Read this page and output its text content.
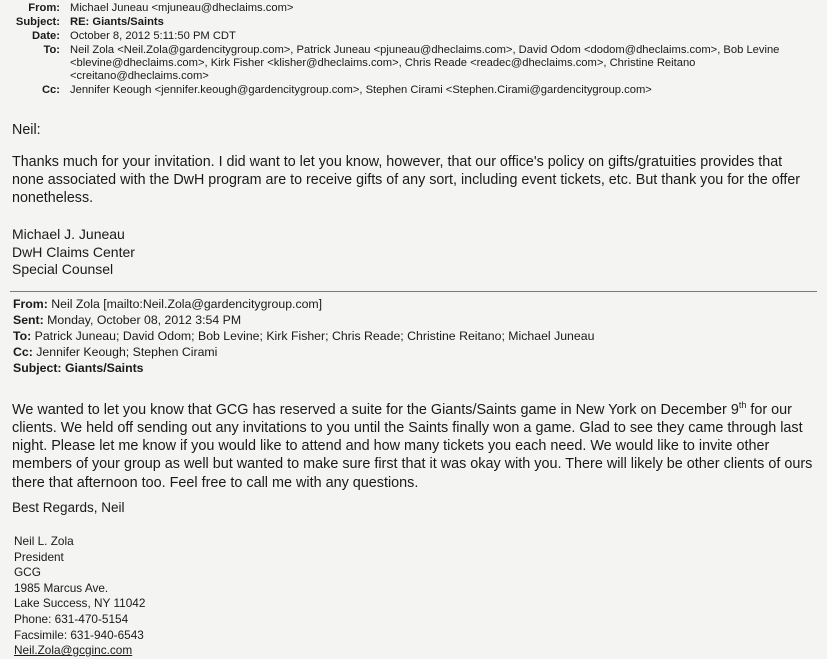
From: Michael Juneau <mjuneau@dheclaims.com>
Subject: RE: Giants/Saints
Date: October 8, 2012 5:11:50 PM CDT
To: Neil Zola <Neil.Zola@gardencitygroup.com>, Patrick Juneau <pjuneau@dheclaims.com>, David Odom <dodom@dheclaims.com>, Bob Levine <blevine@dheclaims.com>, Kirk Fisher <klisher@dheclaims.com>, Chris Reade <readec@dheclaims.com>, Christine Reitano <creitano@dheclaims.com>
Cc: Jennifer Keough <jennifer.keough@gardencitygroup.com>, Stephen Cirami <Stephen.Cirami@gardencitygroup.com>
Neil:
Thanks much for your invitation. I did want to let you know, however, that our office's policy on gifts/gratuities provides that none associated with the DwH program are to receive gifts of any sort, including event tickets, etc. But thank you for the offer nonetheless.
Michael J. Juneau
DwH Claims Center
Special Counsel
From: Neil Zola [mailto:Neil.Zola@gardencitygroup.com]
Sent: Monday, October 08, 2012 3:54 PM
To: Patrick Juneau; David Odom; Bob Levine; Kirk Fisher; Chris Reade; Christine Reitano; Michael Juneau
Cc: Jennifer Keough; Stephen Cirami
Subject: Giants/Saints
We wanted to let you know that GCG has reserved a suite for the Giants/Saints game in New York on December 9th for our clients. We held off sending out any invitations to you until the Saints finally won a game. Glad to see they came through last night. Please let me know if you would like to attend and how many tickets you each need. We would like to invite other members of your group as well but wanted to make sure first that it was okay with you. There will likely be other clients of ours there that afternoon too. Feel free to call me with any questions.
Best Regards, Neil
Neil L. Zola
President
GCG
1985 Marcus Ave.
Lake Success, NY 11042
Phone: 631-470-5154
Facsimile: 631-940-6543
Neil.Zola@gcginc.com
